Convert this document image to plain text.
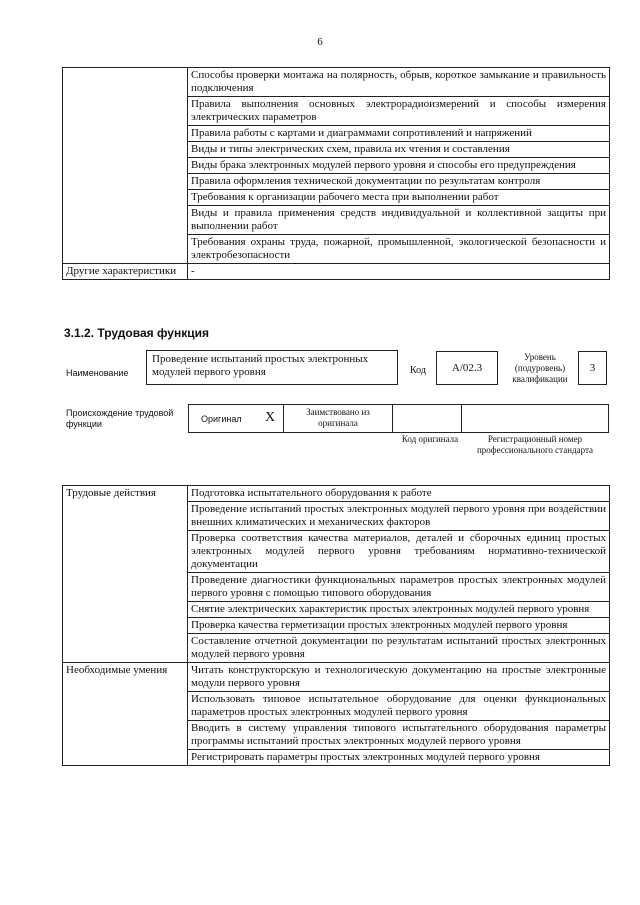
6
	Способы проверки монтажа на полярность, обрыв, короткое замыкание и правильность подключения
	Правила выполнения основных электрорадиоизмерений и способы измерения электрических параметров
	Правила работы с картами и диаграммами сопротивлений и напряжений
	Виды и типы электрических схем, правила их чтения и составления
	Виды брака электронных модулей первого уровня и способы его предупреждения
	Правила оформления технической документации по результатам контроля
	Требования к организации рабочего места при выполнении работ
	Виды и правила применения средств индивидуальной и коллективной защиты при выполнении работ
	Требования охраны труда, пожарной, промышленной, экологической безопасности и электробезопасности
Другие характеристики	-
3.1.2. Трудовая функция
Наименование
Проведение испытаний простых электронных модулей первого уровня	Код	А/02.3
Уровень (подуровень) квалификации
3
Происхождение трудовой функции	Оригинал X	Заимствовано из оригинала
Код оригинала	Регистрационный номер профессионального стандарта
Трудовые действия	Подготовка испытательного оборудования к работе
	Проведение испытаний простых электронных модулей первого уровня при воздействии внешних климатических и механических факторов
	Проверка соответствия качества материалов, деталей и сборочных единиц простых электронных модулей первого уровня требованиям нормативно-технической документации
	Проведение диагностики функциональных параметров простых электронных модулей первого уровня с помощью типового оборудования
	Снятие электрических характеристик простых электронных модулей первого уровня
	Проверка качества герметизации простых электронных модулей первого уровня
	Составление отчетной документации по результатам испытаний простых электронных модулей первого уровня
Необходимые умения	Читать конструкторскую и технологическую документацию на простые электронные модули первого уровня
	Использовать типовое испытательное оборудование для оценки функциональных параметров простых электронных модулей первого уровня
	Вводить в систему управления типового испытательного оборудования параметры программы испытаний простых электронных модулей первого уровня
	Регистрировать параметры простых электронных модулей первого уровня
